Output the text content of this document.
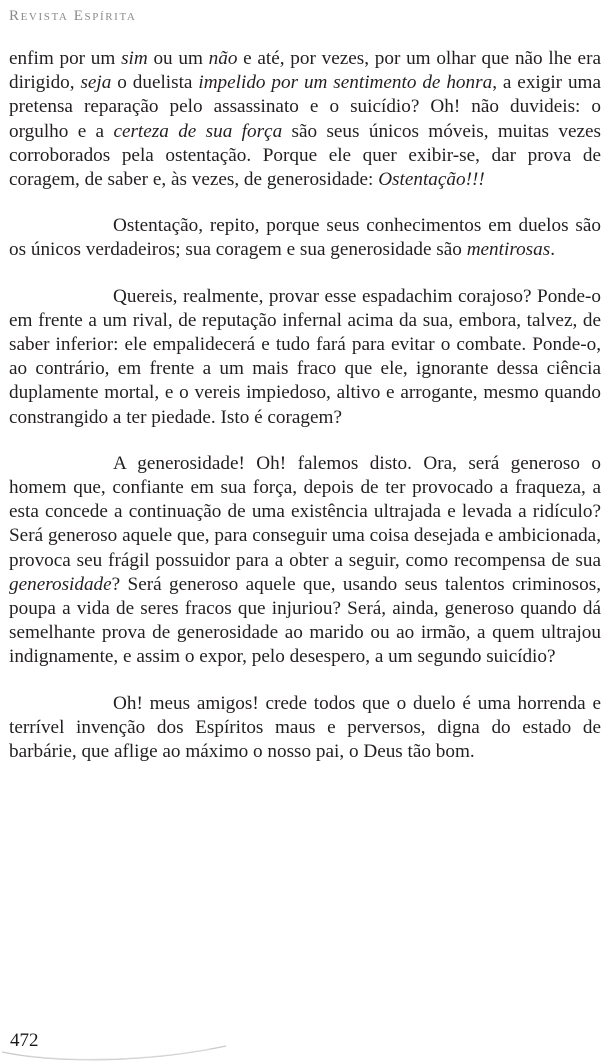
Revista Espírita

enfim por um sim ou um não e até, por vezes, por um olhar que não lhe era dirigido, seja o duelista impelido por um sentimento de honra, a exigir uma pretensa reparação pelo assassinato e o suicídio? Oh! não duvideis: o orgulho e a certeza de sua força são seus únicos móveis, muitas vezes corroborados pela ostentação. Porque ele quer exibir-se, dar prova de coragem, de saber e, às vezes, de generosidade: Ostentação!!!

Ostentação, repito, porque seus conhecimentos em duelos são os únicos verdadeiros; sua coragem e sua generosidade são mentirosas.

Quereis, realmente, provar esse espadachim corajoso? Ponde-o em frente a um rival, de reputação infernal acima da sua, embora, talvez, de saber inferior: ele empalidecerá e tudo fará para evitar o combate. Ponde-o, ao contrário, em frente a um mais fraco que ele, ignorante dessa ciência duplamente mortal, e o vereis impiedoso, altivo e arrogante, mesmo quando constrangido a ter piedade. Isto é coragem?

A generosidade! Oh! falemos disto. Ora, será generoso o homem que, confiante em sua força, depois de ter provocado a fraqueza, a esta concede a continuação de uma existência ultrajada e levada a ridículo? Será generoso aquele que, para conseguir uma coisa desejada e ambicionada, provoca seu frágil possuidor para a obter a seguir, como recompensa de sua generosidade? Será generoso aquele que, usando seus talentos criminosos, poupa a vida de seres fracos que injuriou? Será, ainda, generoso quando dá semelhante prova de generosidade ao marido ou ao irmão, a quem ultrajou indignamente, e assim o expor, pelo desespero, a um segundo suicídio?

Oh! meus amigos! crede todos que o duelo é uma horrenda e terrível invenção dos Espíritos maus e perversos, digna do estado de barbárie, que aflige ao máximo o nosso pai, o Deus tão bom.

472
